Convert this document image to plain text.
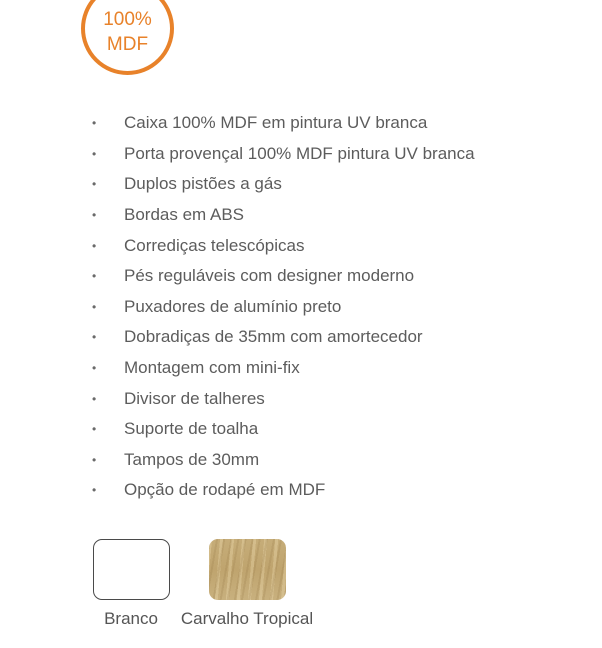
100%
MDF
•	Caixa 100% MDF em pintura UV branca
•	Porta provençal 100% MDF pintura UV branca
•	Duplos pistões a gás
•	Bordas em ABS
•	Corrediças telescópicas
•	Pés reguláveis com designer moderno
•	Puxadores de alumínio preto
•	Dobradiças de 35mm com amortecedor
•	Montagem com mini-fix
•	Divisor de talheres
•	Suporte de toalha
•	Tampos de 30mm
•	Opção de rodapé em MDF
Branco Carvalho Tropical
